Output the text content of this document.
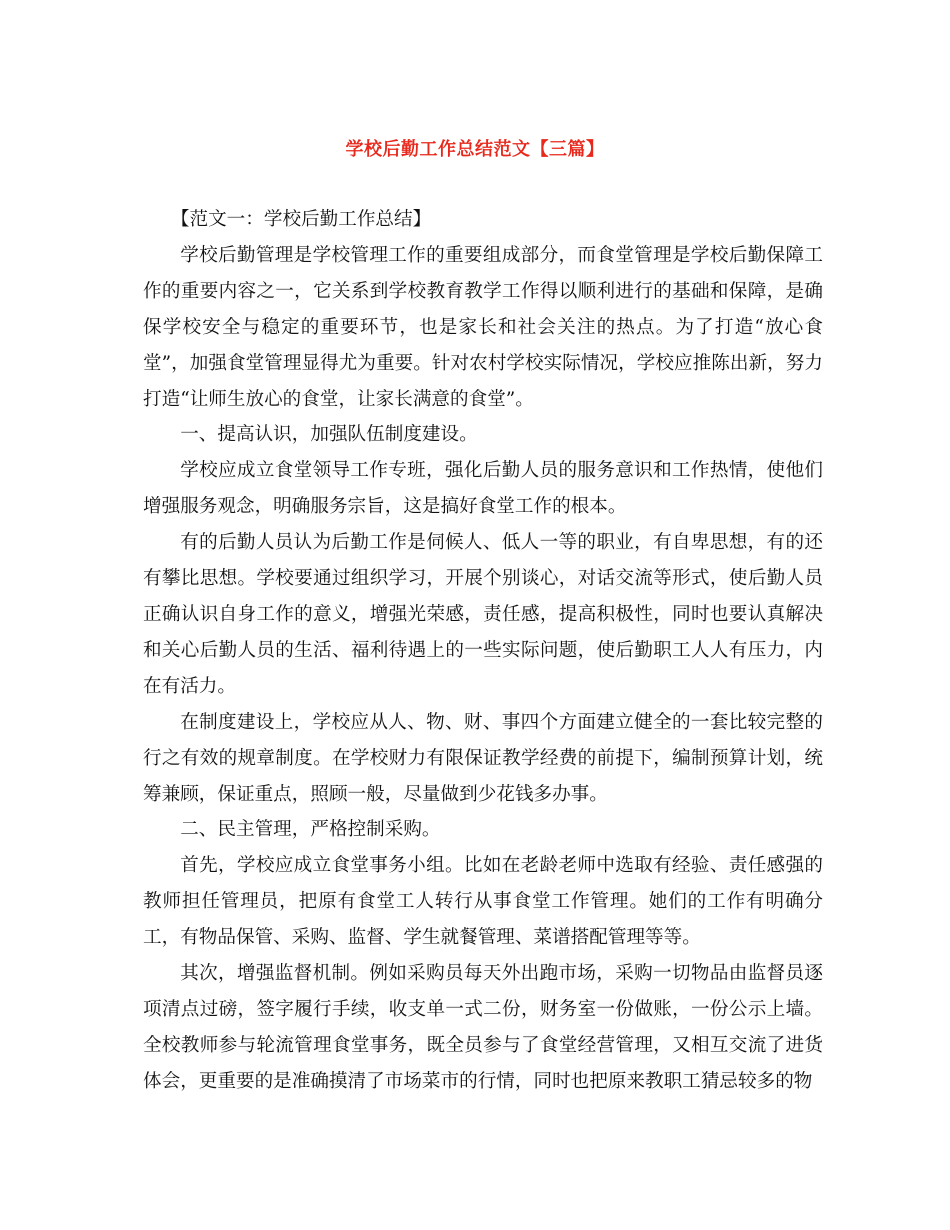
学校后勤工作总结范文【三篇】

【范文一：学校后勤工作总结】

学校后勤管理是学校管理工作的重要组成部分，而食堂管理是学校后勤保障工作的重要内容之一，它关系到学校教育教学工作得以顺利进行的基础和保障，是确保学校安全与稳定的重要环节，也是家长和社会关注的热点。为了打造“放心食堂”，加强食堂管理显得尤为重要。针对农村学校实际情况，学校应推陈出新，努力打造“让师生放心的食堂，让家长满意的食堂”。

一、提高认识，加强队伍制度建设。

学校应成立食堂领导工作专班，强化后勤人员的服务意识和工作热情，使他们增强服务观念，明确服务宗旨，这是搞好食堂工作的根本。

有的后勤人员认为后勤工作是伺候人、低人一等的职业，有自卑思想，有的还有攀比思想。学校要通过组织学习，开展个别谈心，对话交流等形式，使后勤人员正确认识自身工作的意义，增强光荣感，责任感，提高积极性，同时也要认真解决和关心后勤人员的生活、福利待遇上的一些实际问题，使后勤职工人人有压力，内在有活力。

在制度建设上，学校应从人、物、财、事四个方面建立健全的一套比较完整的行之有效的规章制度。在学校财力有限保证教学经费的前提下，编制预算计划，统筹兼顾，保证重点，照顾一般，尽量做到少花钱多办事。

二、民主管理，严格控制采购。

首先，学校应成立食堂事务小组。比如在老龄老师中选取有经验、责任感强的教师担任管理员，把原有食堂工人转行从事食堂工作管理。她们的工作有明确分工，有物品保管、采购、监督、学生就餐管理、菜谱搭配管理等等。

其次，增强监督机制。例如采购员每天外出跑市场，采购一切物品由监督员逐项清点过磅，签字履行手续，收支单一式二份，财务室一份做账，一份公示上墙。全校教师参与轮流管理食堂事务，既全员参与了食堂经营管理，又相互交流了进货体会，更重要的是准确摸清了市场菜市的行情，同时也把原来教职工猜忌较多的物
